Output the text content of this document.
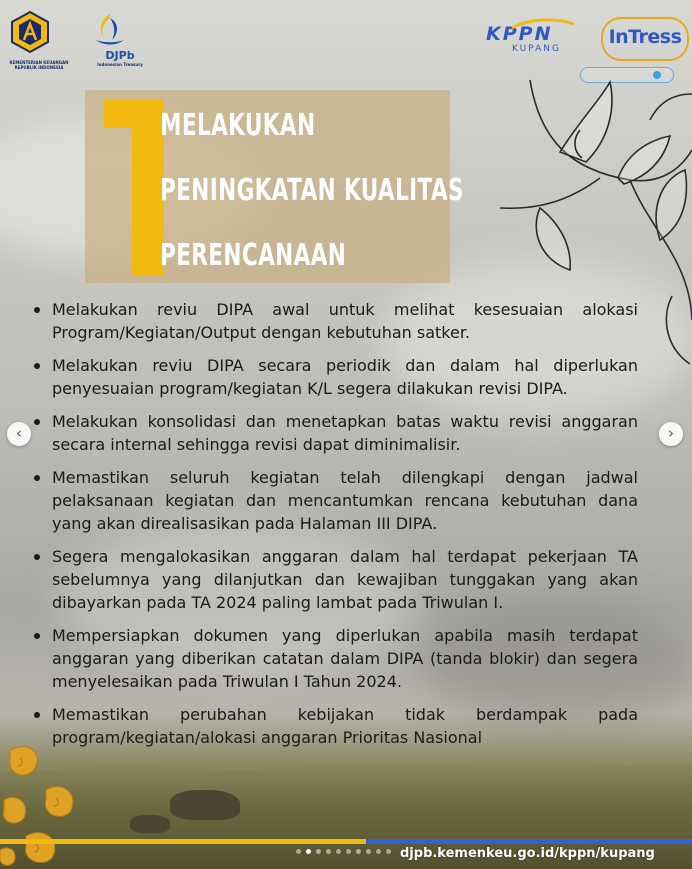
KEMENTERIAN KEUANGAN REPUBLIK INDONESIA
DJPb
Indonesian Treasury
KPPN
KUPANG
InTress
MELAKUKAN
PENINGKATAN KUALITAS
PERENCANAAN
Melakukan reviu DIPA awal untuk melihat kesesuaian alokasi Program/Kegiatan/Output dengan kebutuhan satker.
Melakukan reviu DIPA secara periodik dan dalam hal diperlukan penyesuaian program/kegiatan K/L segera dilakukan revisi DIPA.
Melakukan konsolidasi dan menetapkan batas waktu revisi anggaran secara internal sehingga revisi dapat diminimalisir.
Memastikan seluruh kegiatan telah dilengkapi dengan jadwal pelaksanaan kegiatan dan mencantumkan rencana kebutuhan dana yang akan direalisasikan pada Halaman III DIPA.
Segera mengalokasikan anggaran dalam hal terdapat pekerjaan TA sebelumnya yang dilanjutkan dan kewajiban tunggakan yang akan dibayarkan pada TA 2024 paling lambat pada Triwulan I.
Mempersiapkan dokumen yang diperlukan apabila masih terdapat anggaran yang diberikan catatan dalam DIPA (tanda blokir) dan segera menyelesaikan pada Triwulan I Tahun 2024.
Memastikan perubahan kebijakan tidak berdampak pada program/kegiatan/alokasi anggaran Prioritas Nasional
‹	›
djpb.kemenkeu.go.id/kppn/kupang
